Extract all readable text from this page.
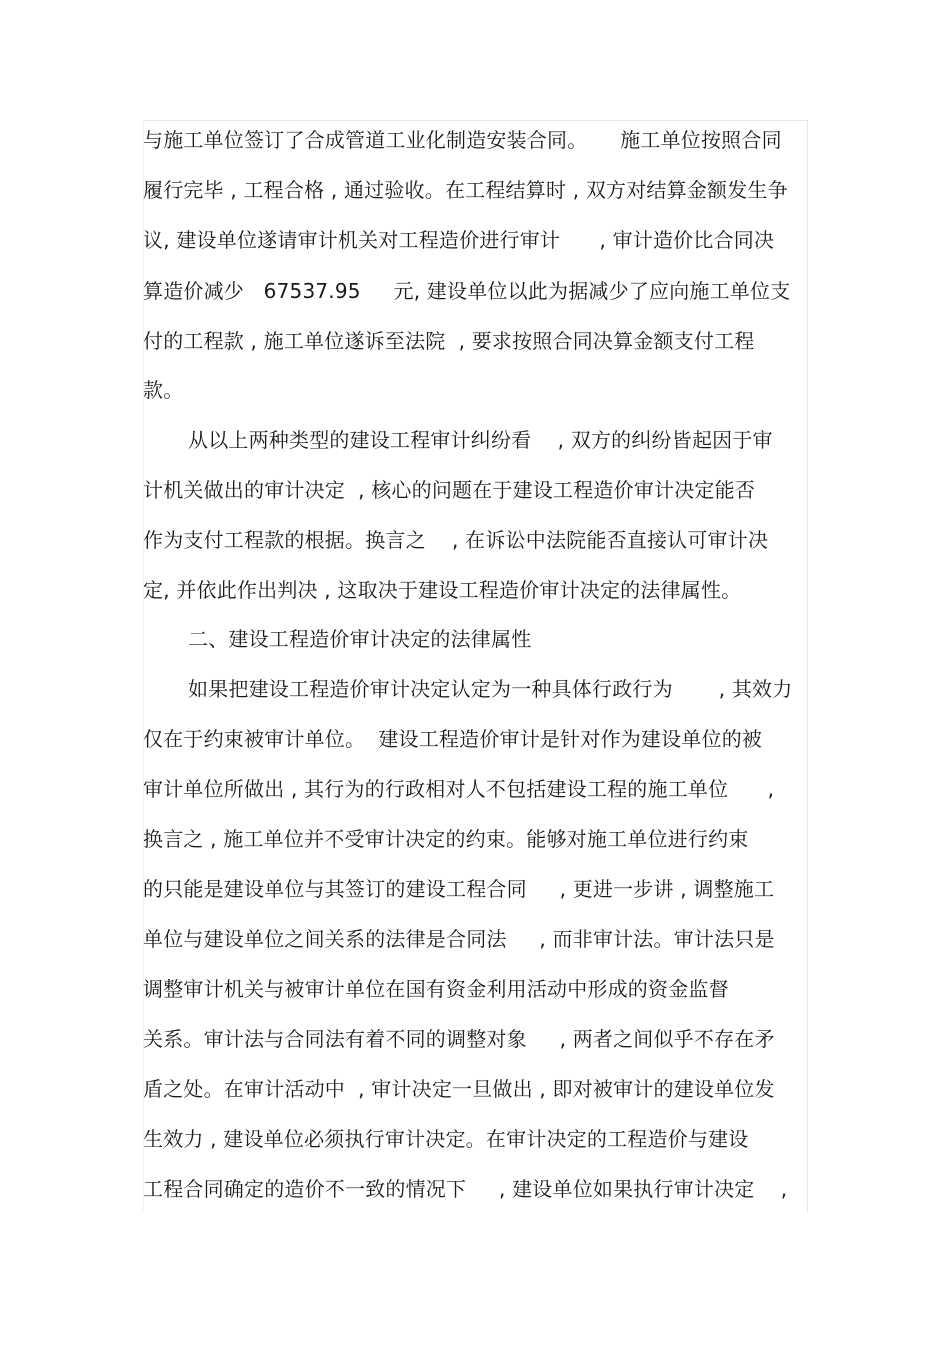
与施工单位签订了合成管道工业化制造安装合同。     施工单位按照合同
履行完毕 , 工程合格 , 通过验收。在工程结算时 , 双方对结算金额发生争
议, 建设单位遂请审计机关对工程造价进行审计      , 审计造价比合同决
算造价减少   67537.95     元, 建设单位以此为据减少了应向施工单位支
付的工程款 , 施工单位遂诉至法院  , 要求按照合同决算金额支付工程
款。
从以上两种类型的建设工程审计纠纷看    , 双方的纠纷皆起因于审
计机关做出的审计决定  , 核心的问题在于建设工程造价审计决定能否
作为支付工程款的根据。换言之    , 在诉讼中法院能否直接认可审计决
定, 并依此作出判决 , 这取决于建设工程造价审计决定的法律属性。
二、建设工程造价审计决定的法律属性
如果把建设工程造价审计决定认定为一种具体行政行为       , 其效力
仅在于约束被审计单位。  建设工程造价审计是针对作为建设单位的被
审计单位所做出 , 其行为的行政相对人不包括建设工程的施工单位      ,
换言之 , 施工单位并不受审计决定的约束。能够对施工单位进行约束
的只能是建设单位与其签订的建设工程合同     , 更进一步讲 , 调整施工
单位与建设单位之间关系的法律是合同法     , 而非审计法。审计法只是
调整审计机关与被审计单位在国有资金利用活动中形成的资金监督
关系。审计法与合同法有着不同的调整对象     , 两者之间似乎不存在矛
盾之处。在审计活动中  , 审计决定一旦做出 , 即对被审计的建设单位发
生效力 , 建设单位必须执行审计决定。在审计决定的工程造价与建设
工程合同确定的造价不一致的情况下     , 建设单位如果执行审计决定    ,
